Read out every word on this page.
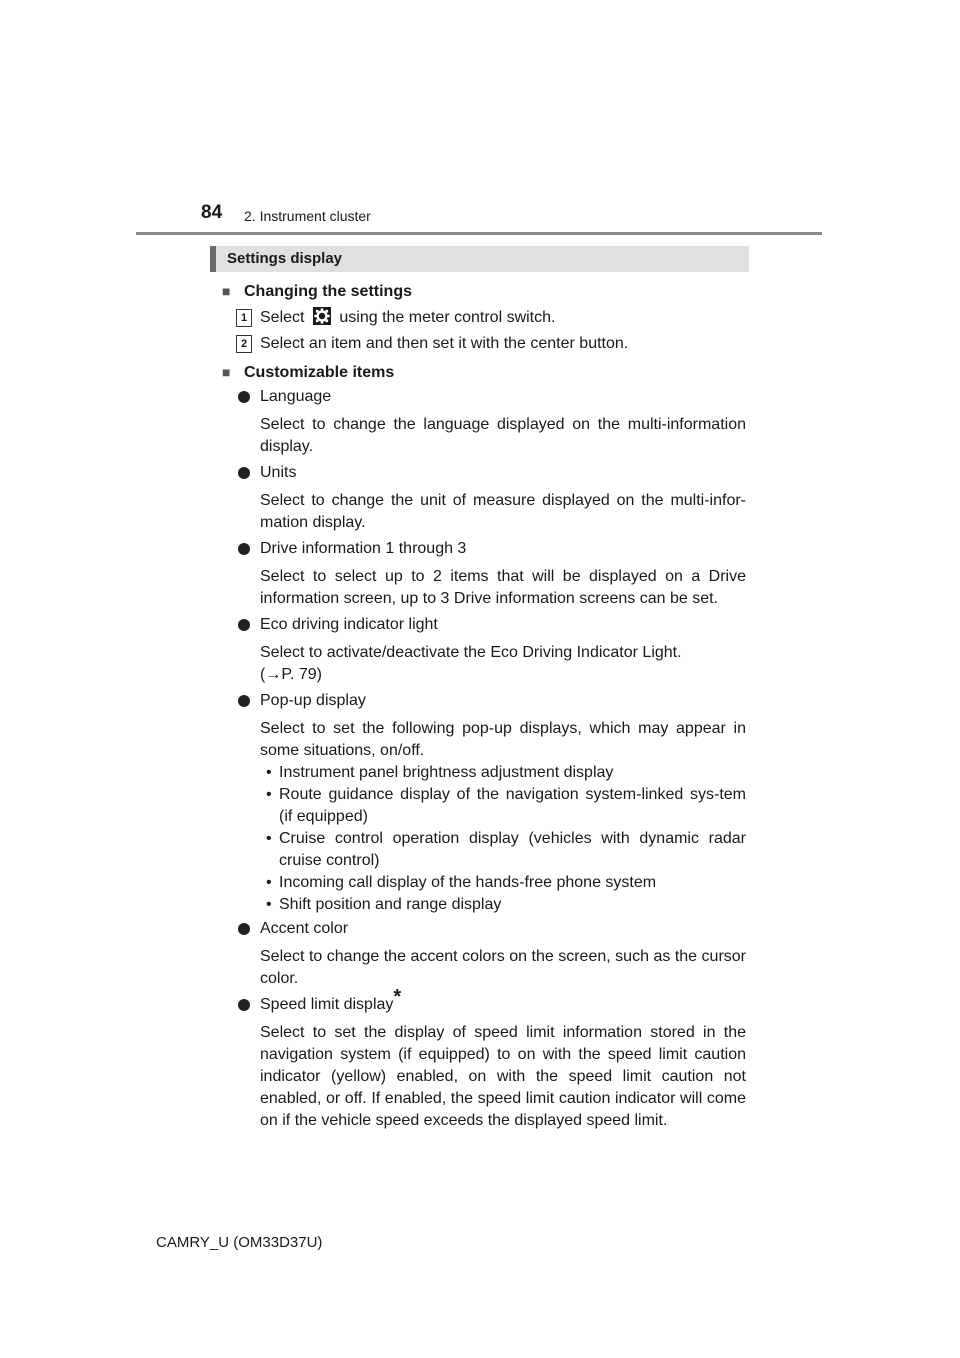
84 2. Instrument cluster
Settings display
■ Changing the settings
1 Select using the meter control switch.
2 Select an item and then set it with the center button.
■ Customizable items
Language
Select to change the language displayed on the multi-information display.
Units
Select to change the unit of measure displayed on the multi-infor-mation display.
Drive information 1 through 3
Select to select up to 2 items that will be displayed on a Drive information screen, up to 3 Drive information screens can be set.
Eco driving indicator light
Select to activate/deactivate the Eco Driving Indicator Light.
(→P. 79)
Pop-up display
Select to set the following pop-up displays, which may appear in some situations, on/off.
• Instrument panel brightness adjustment display
• Route guidance display of the navigation system-linked sys-tem (if equipped)
• Cruise control operation display (vehicles with dynamic radar cruise control)
• Incoming call display of the hands-free phone system
• Shift position and range display
Accent color
Select to change the accent colors on the screen, such as the cursor color.
Speed limit display*
Select to set the display of speed limit information stored in the navigation system (if equipped) to on with the speed limit caution indicator (yellow) enabled, on with the speed limit caution not enabled, or off. If enabled, the speed limit caution indicator will come on if the vehicle speed exceeds the displayed speed limit.
CAMRY_U (OM33D37U)
